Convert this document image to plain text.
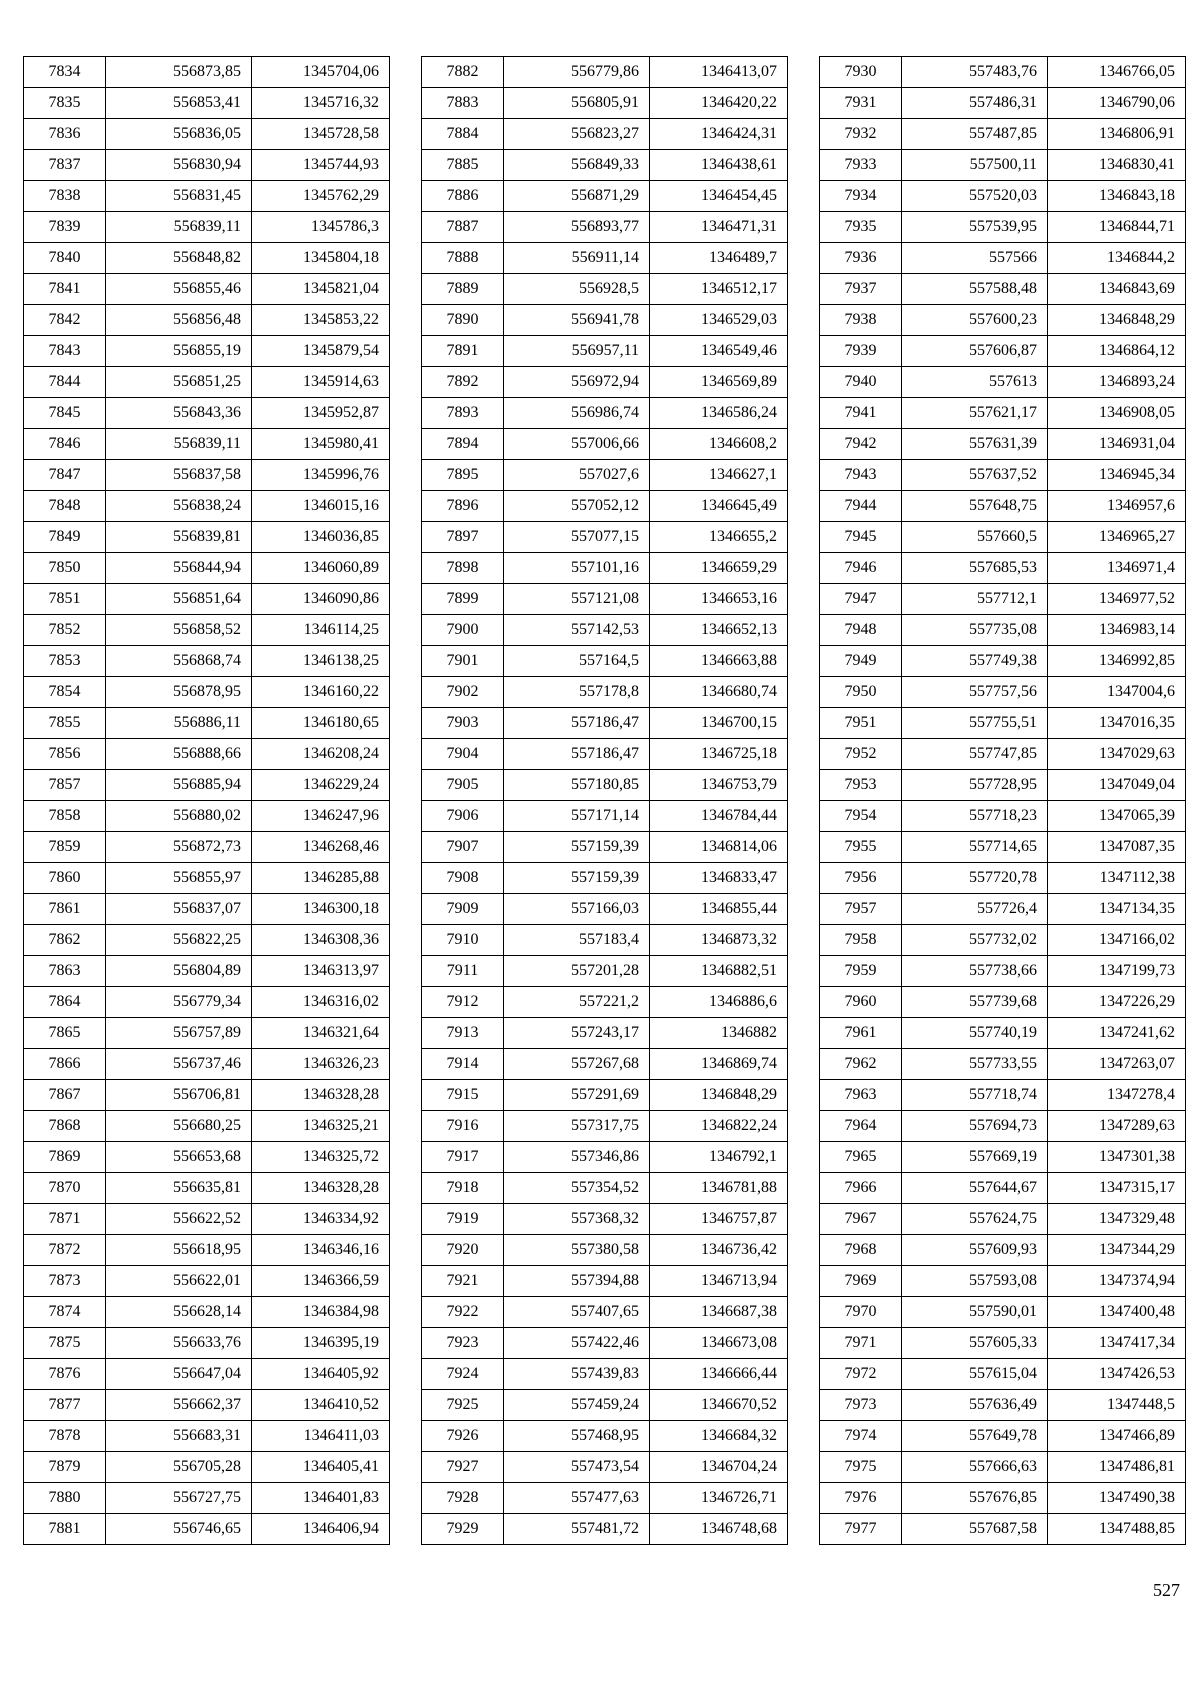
7834	556873,85	1345704,06
7835	556853,41	1345716,32
7836	556836,05	1345728,58
7837	556830,94	1345744,93
7838	556831,45	1345762,29
7839	556839,11	1345786,3
7840	556848,82	1345804,18
7841	556855,46	1345821,04
7842	556856,48	1345853,22
7843	556855,19	1345879,54
7844	556851,25	1345914,63
7845	556843,36	1345952,87
7846	556839,11	1345980,41
7847	556837,58	1345996,76
7848	556838,24	1346015,16
7849	556839,81	1346036,85
7850	556844,94	1346060,89
7851	556851,64	1346090,86
7852	556858,52	1346114,25
7853	556868,74	1346138,25
7854	556878,95	1346160,22
7855	556886,11	1346180,65
7856	556888,66	1346208,24
7857	556885,94	1346229,24
7858	556880,02	1346247,96
7859	556872,73	1346268,46
7860	556855,97	1346285,88
7861	556837,07	1346300,18
7862	556822,25	1346308,36
7863	556804,89	1346313,97
7864	556779,34	1346316,02
7865	556757,89	1346321,64
7866	556737,46	1346326,23
7867	556706,81	1346328,28
7868	556680,25	1346325,21
7869	556653,68	1346325,72
7870	556635,81	1346328,28
7871	556622,52	1346334,92
7872	556618,95	1346346,16
7873	556622,01	1346366,59
7874	556628,14	1346384,98
7875	556633,76	1346395,19
7876	556647,04	1346405,92
7877	556662,37	1346410,52
7878	556683,31	1346411,03
7879	556705,28	1346405,41
7880	556727,75	1346401,83
7881	556746,65	1346406,94
7882	556779,86	1346413,07
7883	556805,91	1346420,22
7884	556823,27	1346424,31
7885	556849,33	1346438,61
7886	556871,29	1346454,45
7887	556893,77	1346471,31
7888	556911,14	1346489,7
7889	556928,5	1346512,17
7890	556941,78	1346529,03
7891	556957,11	1346549,46
7892	556972,94	1346569,89
7893	556986,74	1346586,24
7894	557006,66	1346608,2
7895	557027,6	1346627,1
7896	557052,12	1346645,49
7897	557077,15	1346655,2
7898	557101,16	1346659,29
7899	557121,08	1346653,16
7900	557142,53	1346652,13
7901	557164,5	1346663,88
7902	557178,8	1346680,74
7903	557186,47	1346700,15
7904	557186,47	1346725,18
7905	557180,85	1346753,79
7906	557171,14	1346784,44
7907	557159,39	1346814,06
7908	557159,39	1346833,47
7909	557166,03	1346855,44
7910	557183,4	1346873,32
7911	557201,28	1346882,51
7912	557221,2	1346886,6
7913	557243,17	1346882
7914	557267,68	1346869,74
7915	557291,69	1346848,29
7916	557317,75	1346822,24
7917	557346,86	1346792,1
7918	557354,52	1346781,88
7919	557368,32	1346757,87
7920	557380,58	1346736,42
7921	557394,88	1346713,94
7922	557407,65	1346687,38
7923	557422,46	1346673,08
7924	557439,83	1346666,44
7925	557459,24	1346670,52
7926	557468,95	1346684,32
7927	557473,54	1346704,24
7928	557477,63	1346726,71
7929	557481,72	1346748,68
7930	557483,76	1346766,05
7931	557486,31	1346790,06
7932	557487,85	1346806,91
7933	557500,11	1346830,41
7934	557520,03	1346843,18
7935	557539,95	1346844,71
7936	557566	1346844,2
7937	557588,48	1346843,69
7938	557600,23	1346848,29
7939	557606,87	1346864,12
7940	557613	1346893,24
7941	557621,17	1346908,05
7942	557631,39	1346931,04
7943	557637,52	1346945,34
7944	557648,75	1346957,6
7945	557660,5	1346965,27
7946	557685,53	1346971,4
7947	557712,1	1346977,52
7948	557735,08	1346983,14
7949	557749,38	1346992,85
7950	557757,56	1347004,6
7951	557755,51	1347016,35
7952	557747,85	1347029,63
7953	557728,95	1347049,04
7954	557718,23	1347065,39
7955	557714,65	1347087,35
7956	557720,78	1347112,38
7957	557726,4	1347134,35
7958	557732,02	1347166,02
7959	557738,66	1347199,73
7960	557739,68	1347226,29
7961	557740,19	1347241,62
7962	557733,55	1347263,07
7963	557718,74	1347278,4
7964	557694,73	1347289,63
7965	557669,19	1347301,38
7966	557644,67	1347315,17
7967	557624,75	1347329,48
7968	557609,93	1347344,29
7969	557593,08	1347374,94
7970	557590,01	1347400,48
7971	557605,33	1347417,34
7972	557615,04	1347426,53
7973	557636,49	1347448,5
7974	557649,78	1347466,89
7975	557666,63	1347486,81
7976	557676,85	1347490,38
7977	557687,58	1347488,85
527
